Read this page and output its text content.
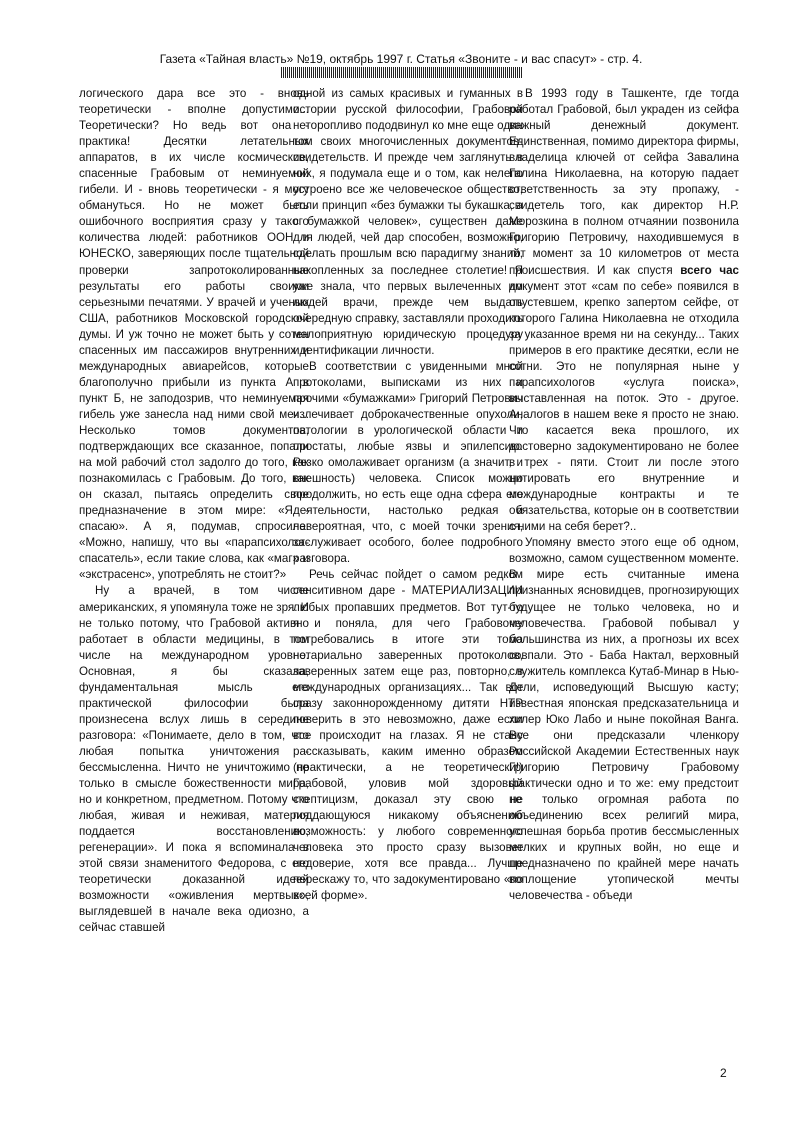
Газета «Тайная власть» №19, октябрь 1997 г. Статья «Звоните - и вас спасут» - стр. 4.

логического дара все это - вновь теоретически - вполне допустимо... Теоретически? Но ведь вот она - практика! Десятки летательных аппаратов, в их числе космические, спасенные Грабовым от неминуемой гибели. И - вновь теоретически - я могу обмануться. Но не может быть ошибочного восприятия сразу у такого количества людей: работников ООН и ЮНЕСКО, заверяющих после тщательной проверки запротоколированные результаты его работы своими серьезными печатями. У врачей и ученых США, работников Московской городской думы. И уж точно не может быть у сотен спасенных им пассажиров внутренних и международных авиарейсов, которые благополучно прибыли из пункта А в пункт Б, не заподозрив, что неминуемая гибель уже занесла над ними свой меч... Несколько томов документов, подтверждающих все сказанное, попали на мой рабочий стол задолго до того, как познакомилась с Грабовым. До того, как он сказал, пытаясь определить свое предназначение в этом мире: «Я - спасаю». А я, подумав, спросила: «Можно, напишу, что вы «парапсихолог-спасатель», если такие слова, как «маг» и «экстрасенс», употреблять не стоит?»

Ну а врачей, в том числе американских, я упомянула тоже не зря. И не только потому, что Грабовой активно работает в области медицины, в том числе на международном уровне. Основная, я бы сказала, фундаментальная мысль его практической философии была произнесена вслух лишь в середине разговора: «Понимаете, дело в том, что любая попытка уничтожения - бессмысленна. Ничто не уничтожимо не только в смысле божественности мира, но и конкретном, предметном. Потому что любая, живая и неживая, материя поддается восстановлению, регенерации». И пока я вспоминала в этой связи знаменитого Федорова, с его теоретически доказанной идеей возможности «оживления мертвых», выглядевшей в начале века одиозно, а сейчас ставшей

одной из самых красивых и гуманных в истории русской философии, Грабовой неторопливо пододвинул ко мне еще один том своих многочисленных документов-свидетельств. И прежде чем заглянуть в них, я подумала еще и о том, как нелепо устроено все же человеческое общество, если принцип «без бумажки ты букашка, а с бумажкой человек», существен даже для людей, чей дар способен, возможно, сделать прошлым всю парадигму знаний, накопленных за последнее столетие! Я уже знала, что первых вылеченных им людей врачи, прежде чем выдать очередную справку, заставляли проходить малоприятную юридическую процедуру идентификации личности.

В соответствии с увиденными мной протоколами, выписками из них и прочими «бумажками» Григорий Петрович излечивает доброкачественные опухоли, патологии в урологической области и простаты, любые язвы и эпилепсию. Резко омолаживает организм (а значит, и внешность) человека. Список можно продолжить, но есть еще одна сфера его деятельности, настолько редкая и невероятная, что, с моей точки зрения, заслуживает особого, более подробного разговора.

Речь сейчас пойдет о самом редком сенситивном даре - МАТЕРИАЛИЗАЦИИ любых пропавших предметов. Вот тут-то я и поняла, для чего Грабовому потребовались в итоге эти тома нотариально заверенных протоколов, заверенных затем еще раз, повторно, в международных организациях... Так вот сразу законнорожденному дитяти НТР поверить в это невозможно, даже если все происходит на глазах. Я не стану рассказывать, каким именно образом (практически, а не теоретически!) Грабовой, уловив мой здоровый скептицизм, доказал эту свою не поддающуюся никакому объяснению возможность: у любого современного человека это просто сразу вызовет недоверие, хотя все правда... Лучше перескажу то, что задокументировано «по всей форме».

В 1993 году в Ташкенте, где тогда работал Грабовой, был украден из сейфа важный денежный документ. Единственная, помимо директора фирмы, владелица ключей от сейфа Завалина Галина Николаевна, на которую падает ответственность за эту пропажу, - свидетель того, как директор Н.Р. Морозкина в полном отчаянии позвонила Григорию Петровичу, находившемуся в тот момент за 10 километров от места происшествия. И как спустя всего час документ этот «сам по себе» появился в опустевшем, крепко запертом сейфе, от которого Галина Николаевна не отходила за указанное время ни на секунду... Таких примеров в его практике десятки, если не сотни. Это не популярная ныне у парапсихологов «услуга поиска», выставленная на поток. Это - другое. Аналогов в нашем веке я просто не знаю. Что касается века прошлого, их достоверно задокументировано не более в трех - пяти. Стоит ли после этого цитировать его внутренние и международные контракты и те обязательства, которые он в соответствии с ними на себя берет?..

Упомяну вместо этого еще об одном, возможно, самом существенном моменте. В мире есть считанные имена признанных ясновидцев, прогнозирующих будущее не только человека, но и человечества. Грабовой побывал у большинства из них, а прогнозы их всех совпали. Это - Баба Нактал, верховный служитель комплекса Кутаб-Минар в Нью-Дели, исповедующий Высшую касту; известная японская предсказательница и хилер Юко Лабо и ныне покойная Ванга. Все они предсказали членкору Российской Академии Естественных наук Григорию Петровичу Грабовому фактически одно и то же: ему предстоит не только огромная работа по объединению всех религий мира, успешная борьба против бессмысленных мелких и крупных войн, но еще и предназначено по крайней мере начать воплощение утопической мечты человечества - объеди

2
